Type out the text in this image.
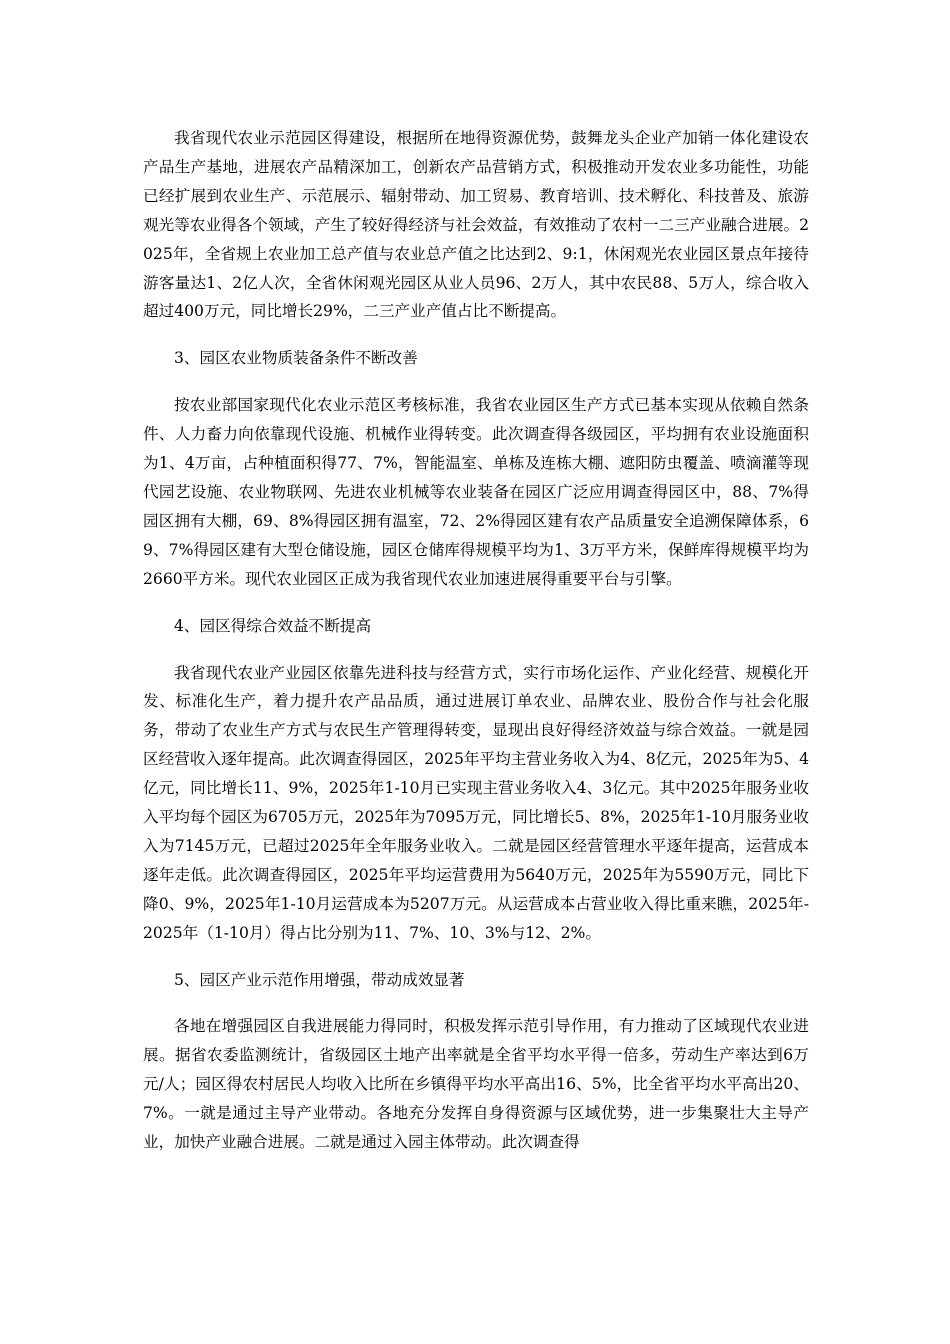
我省现代农业示范园区得建设，根据所在地得资源优势，鼓舞龙头企业产加销一体化建设农产品生产基地，进展农产品精深加工，创新农产品营销方式，积极推动开发农业多功能性，功能已经扩展到农业生产、示范展示、辐射带动、加工贸易、教育培训、技术孵化、科技普及、旅游观光等农业得各个领域，产生了较好得经济与社会效益，有效推动了农村一二三产业融合进展。2025年，全省规上农业加工总产值与农业总产值之比达到2、9:1，休闲观光农业园区景点年接待游客量达1、2亿人次，全省休闲观光园区从业人员96、2万人，其中农民88、5万人，综合收入超过400万元，同比增长29%，二三产业产值占比不断提高。

3、园区农业物质装备条件不断改善

按农业部国家现代化农业示范区考核标准，我省农业园区生产方式已基本实现从依赖自然条件、人力畜力向依靠现代设施、机械作业得转变。此次调查得各级园区，平均拥有农业设施面积为1、4万亩，占种植面积得77、7%，智能温室、单栋及连栋大棚、遮阳防虫覆盖、喷滴灌等现代园艺设施、农业物联网、先进农业机械等农业装备在园区广泛应用调查得园区中，88、7%得园区拥有大棚，69、8%得园区拥有温室，72、2%得园区建有农产品质量安全追溯保障体系，69、7%得园区建有大型仓储设施，园区仓储库得规模平均为1、3万平方米，保鲜库得规模平均为2660平方米。现代农业园区正成为我省现代农业加速进展得重要平台与引擎。

4、园区得综合效益不断提高

我省现代农业产业园区依靠先进科技与经营方式，实行市场化运作、产业化经营、规模化开发、标准化生产，着力提升农产品品质，通过进展订单农业、品牌农业、股份合作与社会化服务，带动了农业生产方式与农民生产管理得转变，显现出良好得经济效益与综合效益。一就是园区经营收入逐年提高。此次调查得园区，2025年平均主营业务收入为4、8亿元，2025年为5、4亿元，同比增长11、9%，2025年1-10月已实现主营业务收入4、3亿元。其中2025年服务业收入平均每个园区为6705万元，2025年为7095万元，同比增长5、8%，2025年1-10月服务业收入为7145万元，已超过2025年全年服务业收入。二就是园区经营管理水平逐年提高，运营成本逐年走低。此次调查得园区，2025年平均运营费用为5640万元，2025年为5590万元，同比下降0、9%，2025年1-10月运营成本为5207万元。从运营成本占营业收入得比重来瞧，2025年-2025年（1-10月）得占比分别为11、7%、10、3%与12、2%。

5、园区产业示范作用增强，带动成效显著

各地在增强园区自我进展能力得同时，积极发挥示范引导作用，有力推动了区域现代农业进展。据省农委监测统计，省级园区土地产出率就是全省平均水平得一倍多，劳动生产率达到6万元/人；园区得农村居民人均收入比所在乡镇得平均水平高出16、5%，比全省平均水平高出20、7%。一就是通过主导产业带动。各地充分发挥自身得资源与区域优势，进一步集聚壮大主导产业，加快产业融合进展。二就是通过入园主体带动。此次调查得
